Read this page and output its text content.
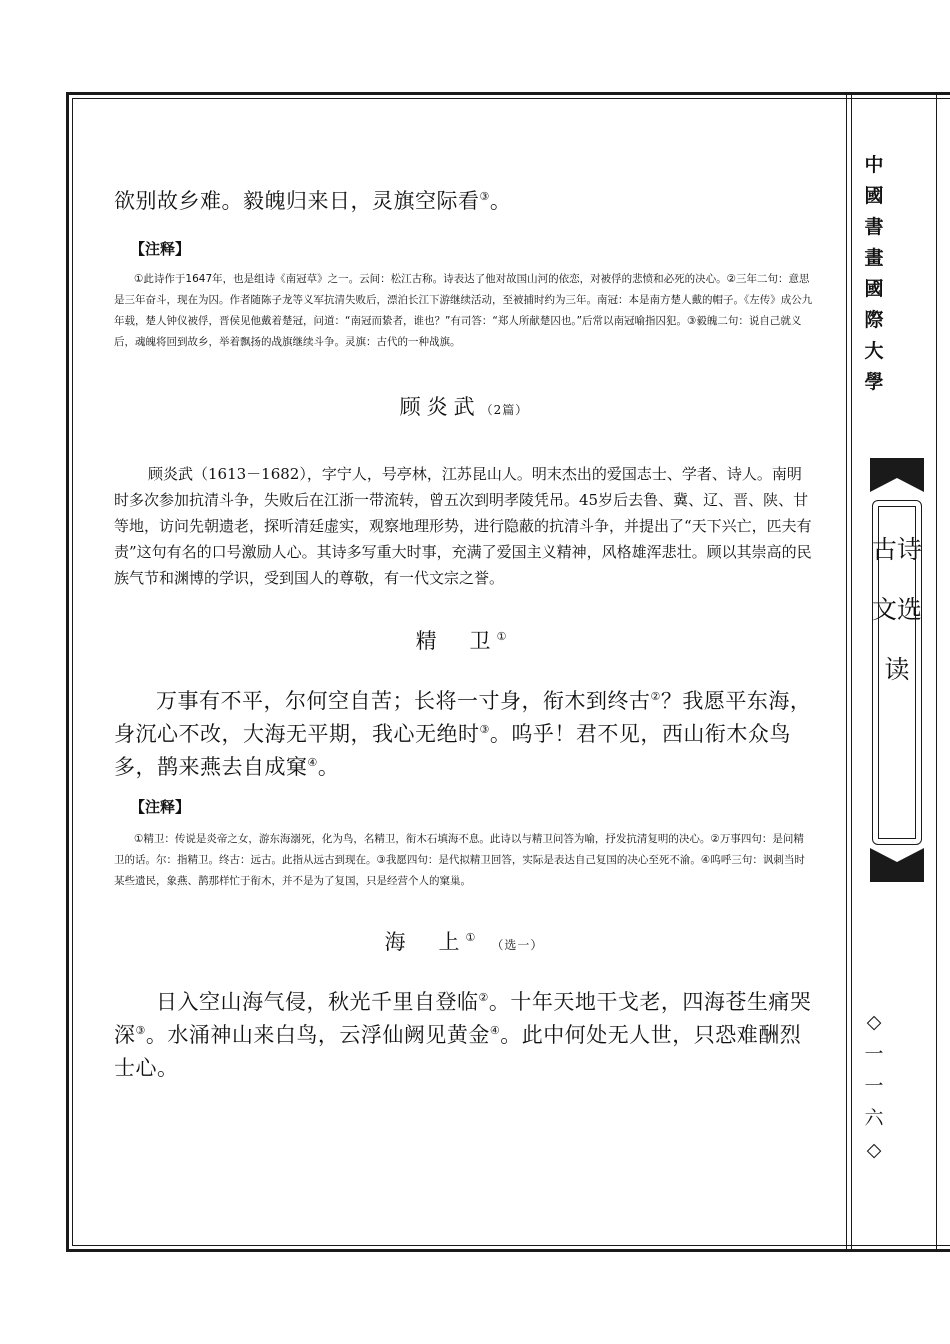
欲别故乡难。毅魄归来日，灵旗空际看③。

【注释】

①此诗作于1647年，也是组诗《南冠草》之一。云间：松江古称。诗表达了他对故国山河的依恋，对被俘的悲愤和必死的决心。②三年二句：意思是三年奋斗，现在为囚。作者随陈子龙等义军抗清失败后，漂泊长江下游继续活动，至被捕时约为三年。南冠：本是南方楚人戴的帽子。《左传》成公九年载，楚人钟仪被俘，晋侯见他戴着楚冠，问道：“南冠而絷者，谁也？”有司答：“郑人所献楚囚也。”后常以南冠喻指囚犯。③毅魄二句：说自己就义后，魂魄将回到故乡，举着飘扬的战旗继续斗争。灵旗：古代的一种战旗。

顾炎武（2篇）

顾炎武（1613－1682），字宁人，号亭林，江苏昆山人。明末杰出的爱国志士、学者、诗人。南明时多次参加抗清斗争，失败后在江浙一带流转，曾五次到明孝陵凭吊。45岁后去鲁、冀、辽、晋、陕、甘等地，访问先朝遗老，探听清廷虚实，观察地理形势，进行隐蔽的抗清斗争，并提出了“天下兴亡，匹夫有责”这句有名的口号激励人心。其诗多写重大时事，充满了爱国主义精神，风格雄浑悲壮。顾以其崇高的民族气节和渊博的学识，受到国人的尊敬，有一代文宗之誉。

精　卫①

万事有不平，尔何空自苦；长将一寸身，衔木到终古②？我愿平东海，身沉心不改，大海无平期，我心无绝时③。呜乎！君不见，西山衔木众鸟多，鹊来燕去自成窠④。

【注释】

①精卫：传说是炎帝之女，游东海溺死，化为鸟，名精卫，衔木石填海不息。此诗以与精卫问答为喻，抒发抗清复明的决心。②万事四句：是问精卫的话。尔：指精卫。终古：远古。此指从远古到现在。③我愿四句：是代拟精卫回答，实际是表达自己复国的决心至死不渝。④呜呼三句：讽刺当时某些遗民，象燕、鹊那样忙于衔木，并不是为了复国，只是经营个人的窠巢。

海　上①（选一）

日入空山海气侵，秋光千里自登临②。十年天地干戈老，四海苍生痛哭深③。水涌神山来白鸟，云浮仙阙见黄金④。此中何处无人世，只恐难酬烈士心。

中國書畫國際大學
古诗文选读
◇一一六◇
